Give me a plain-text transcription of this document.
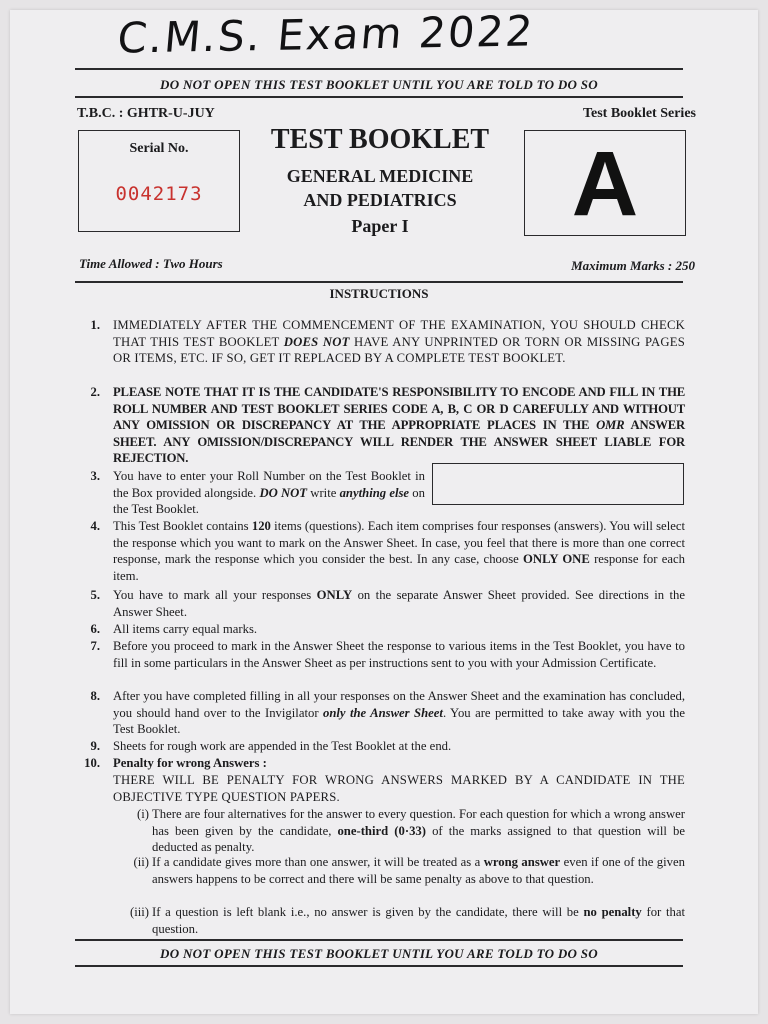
C.M.S. Exam 2022
DO NOT OPEN THIS TEST BOOKLET UNTIL YOU ARE TOLD TO DO SO
T.B.C. : GHTR-U-JUY	Test Booklet Series
Serial No.
0042173
TEST BOOKLET
GENERAL MEDICINE
AND PEDIATRICS
Paper I	A
Time Allowed : Two Hours	Maximum Marks : 250
INSTRUCTIONS
1. IMMEDIATELY AFTER THE COMMENCEMENT OF THE EXAMINATION, YOU SHOULD CHECK THAT THIS TEST BOOKLET DOES NOT HAVE ANY UNPRINTED OR TORN OR MISSING PAGES OR ITEMS, ETC. IF SO, GET IT REPLACED BY A COMPLETE TEST BOOKLET.
2. PLEASE NOTE THAT IT IS THE CANDIDATE'S RESPONSIBILITY TO ENCODE AND FILL IN THE ROLL NUMBER AND TEST BOOKLET SERIES CODE A, B, C OR D CAREFULLY AND WITHOUT ANY OMISSION OR DISCREPANCY AT THE APPROPRIATE PLACES IN THE OMR ANSWER SHEET. ANY OMISSION/DISCREPANCY WILL RENDER THE ANSWER SHEET LIABLE FOR REJECTION.
3. You have to enter your Roll Number on the Test Booklet in the Box provided alongside. DO NOT write anything else on the Test Booklet.
4. This Test Booklet contains 120 items (questions). Each item comprises four responses (answers). You will select the response which you want to mark on the Answer Sheet. In case, you feel that there is more than one correct response, mark the response which you consider the best. In any case, choose ONLY ONE response for each item.
5. You have to mark all your responses ONLY on the separate Answer Sheet provided. See directions in the Answer Sheet.
6. All items carry equal marks.
7. Before you proceed to mark in the Answer Sheet the response to various items in the Test Booklet, you have to fill in some particulars in the Answer Sheet as per instructions sent to you with your Admission Certificate.
8. After you have completed filling in all your responses on the Answer Sheet and the examination has concluded, you should hand over to the Invigilator only the Answer Sheet. You are permitted to take away with you the Test Booklet.
9. Sheets for rough work are appended in the Test Booklet at the end.
10. Penalty for wrong Answers :
THERE WILL BE PENALTY FOR WRONG ANSWERS MARKED BY A CANDIDATE IN THE OBJECTIVE TYPE QUESTION PAPERS.
(i) There are four alternatives for the answer to every question. For each question for which a wrong answer has been given by the candidate, one-third (0·33) of the marks assigned to that question will be deducted as penalty.
(ii) If a candidate gives more than one answer, it will be treated as a wrong answer even if one of the given answers happens to be correct and there will be same penalty as above to that question.
(iii) If a question is left blank i.e., no answer is given by the candidate, there will be no penalty for that question.
DO NOT OPEN THIS TEST BOOKLET UNTIL YOU ARE TOLD TO DO SO
